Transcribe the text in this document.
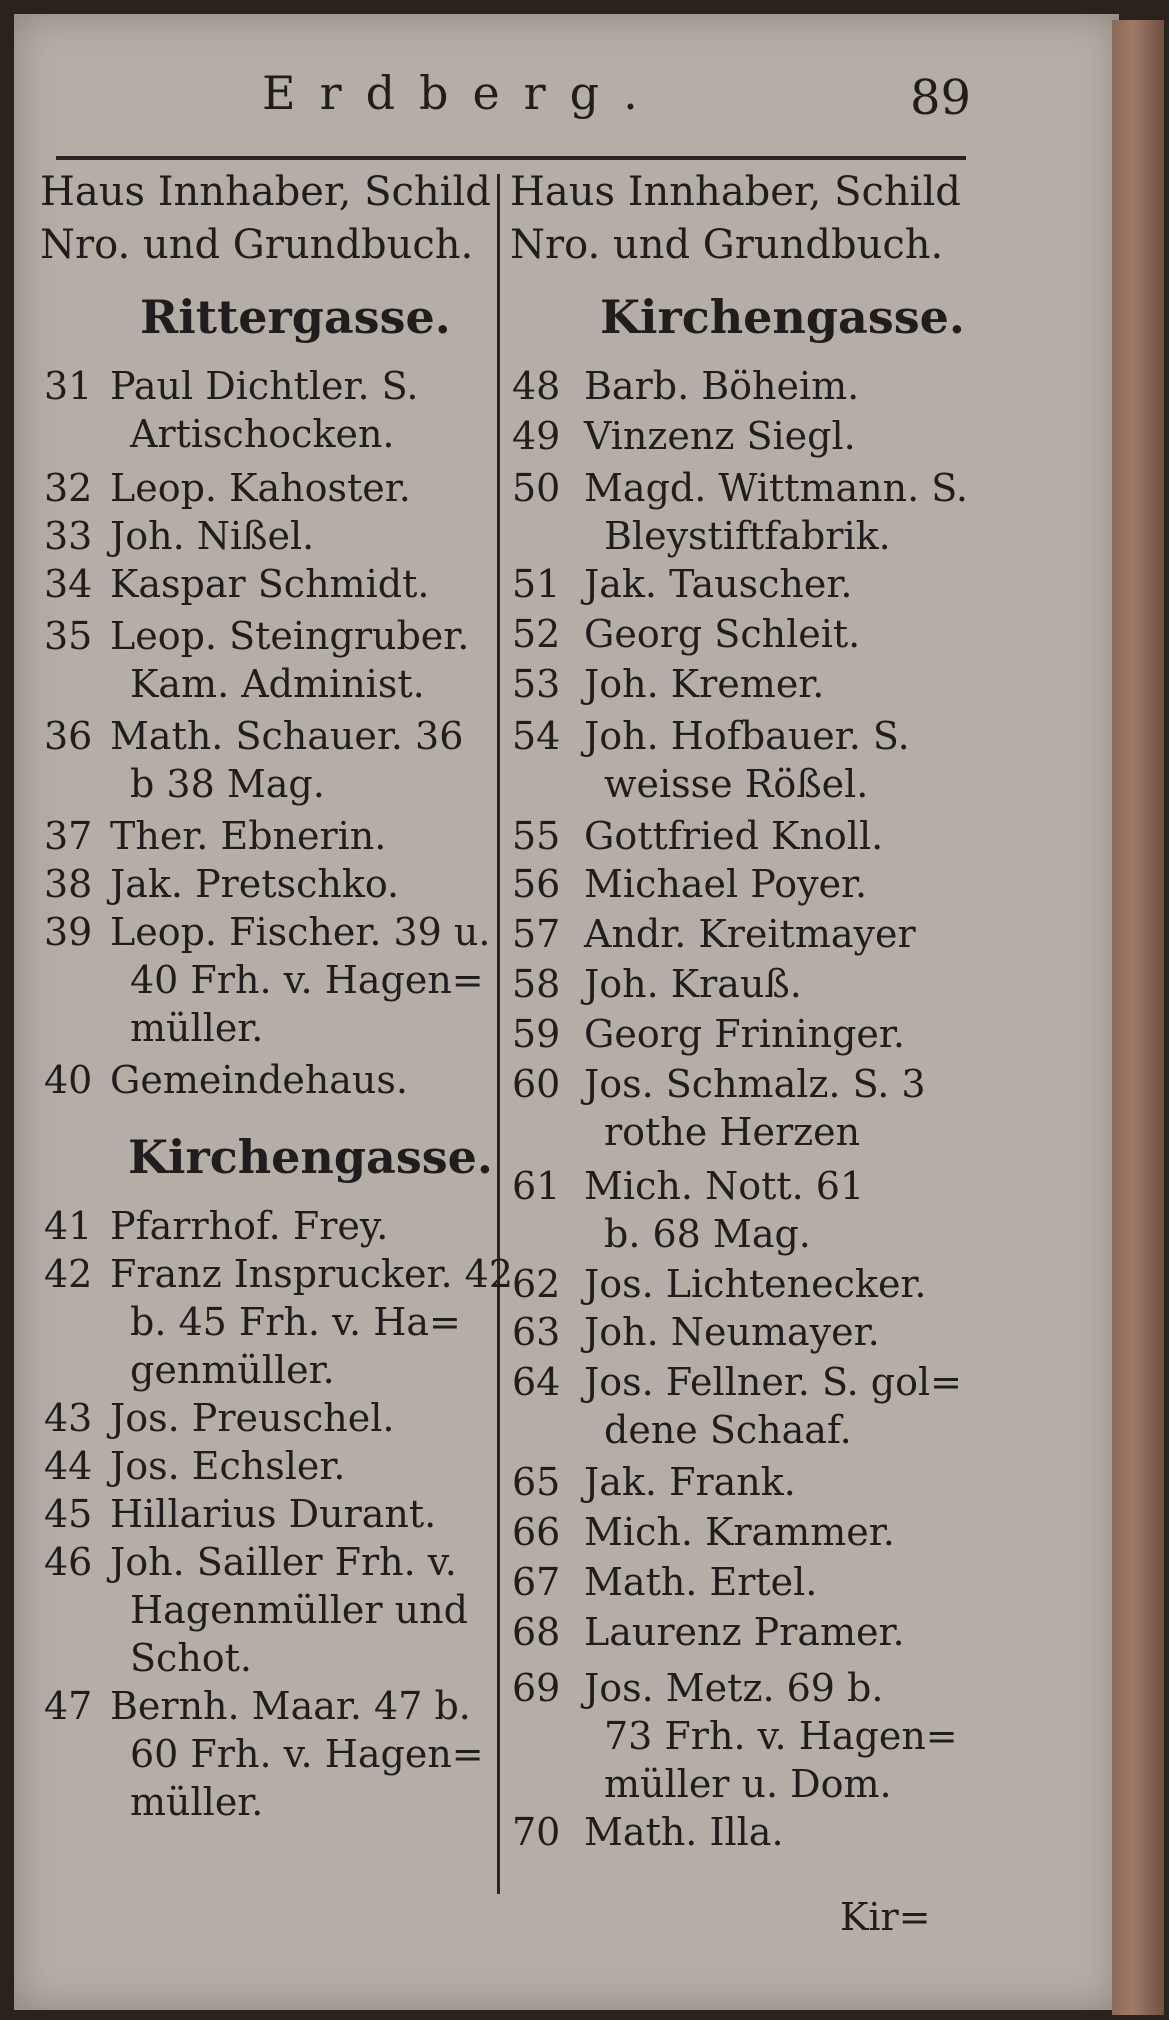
Erdberg.	89
Haus Innhaber, Schild
Nro. und Grundbuch.
Haus Innhaber, Schild
Nro. und Grundbuch.
Rittergasse.
31 Paul Dichtler. S.
Artischocken.
32 Leop. Kahoster.
33 Joh. Nißel.
34 Kaspar Schmidt.
35 Leop. Steingruber.
Kam. Administ.
36 Math. Schauer. 36
b 38 Mag.
37 Ther. Ebnerin.
38 Jak. Pretschko.
39 Leop. Fischer. 39 u.
40 Frh. v. Hagen=
müller.
40 Gemeindehaus.
Kirchengasse.
41 Pfarrhof. Frey.
42 Franz Insprucker. 42
b. 45 Frh. v. Ha=
genmüller.
43 Jos. Preuschel.
44 Jos. Echsler.
45 Hillarius Durant.
46 Joh. Sailler Frh. v.
Hagenmüller und
Schot.
47 Bernh. Maar. 47 b.
60 Frh. v. Hagen=
müller.
Kirchengasse.
48 Barb. Böheim.
49 Vinzenz Siegl.
50 Magd. Wittmann. S.
Bleystiftfabrik.
51 Jak. Tauscher.
52 Georg Schleit.
53 Joh. Kremer.
54 Joh. Hofbauer. S.
weisse Rößel.
55 Gottfried Knoll.
56 Michael Poyer.
57 Andr. Kreitmayer
58 Joh. Krauß.
59 Georg Frininger.
60 Jos. Schmalz. S. 3
rothe Herzen
61 Mich. Nott. 61
b. 68 Mag.
62 Jos. Lichtenecker.
63 Joh. Neumayer.
64 Jos. Fellner. S. gol=
dene Schaaf.
65 Jak. Frank.
66 Mich. Krammer.
67 Math. Ertel.
68 Laurenz Pramer.
69 Jos. Metz. 69 b.
73 Frh. v. Hagen=
müller u. Dom.
70 Math. Illa.
Kir=
